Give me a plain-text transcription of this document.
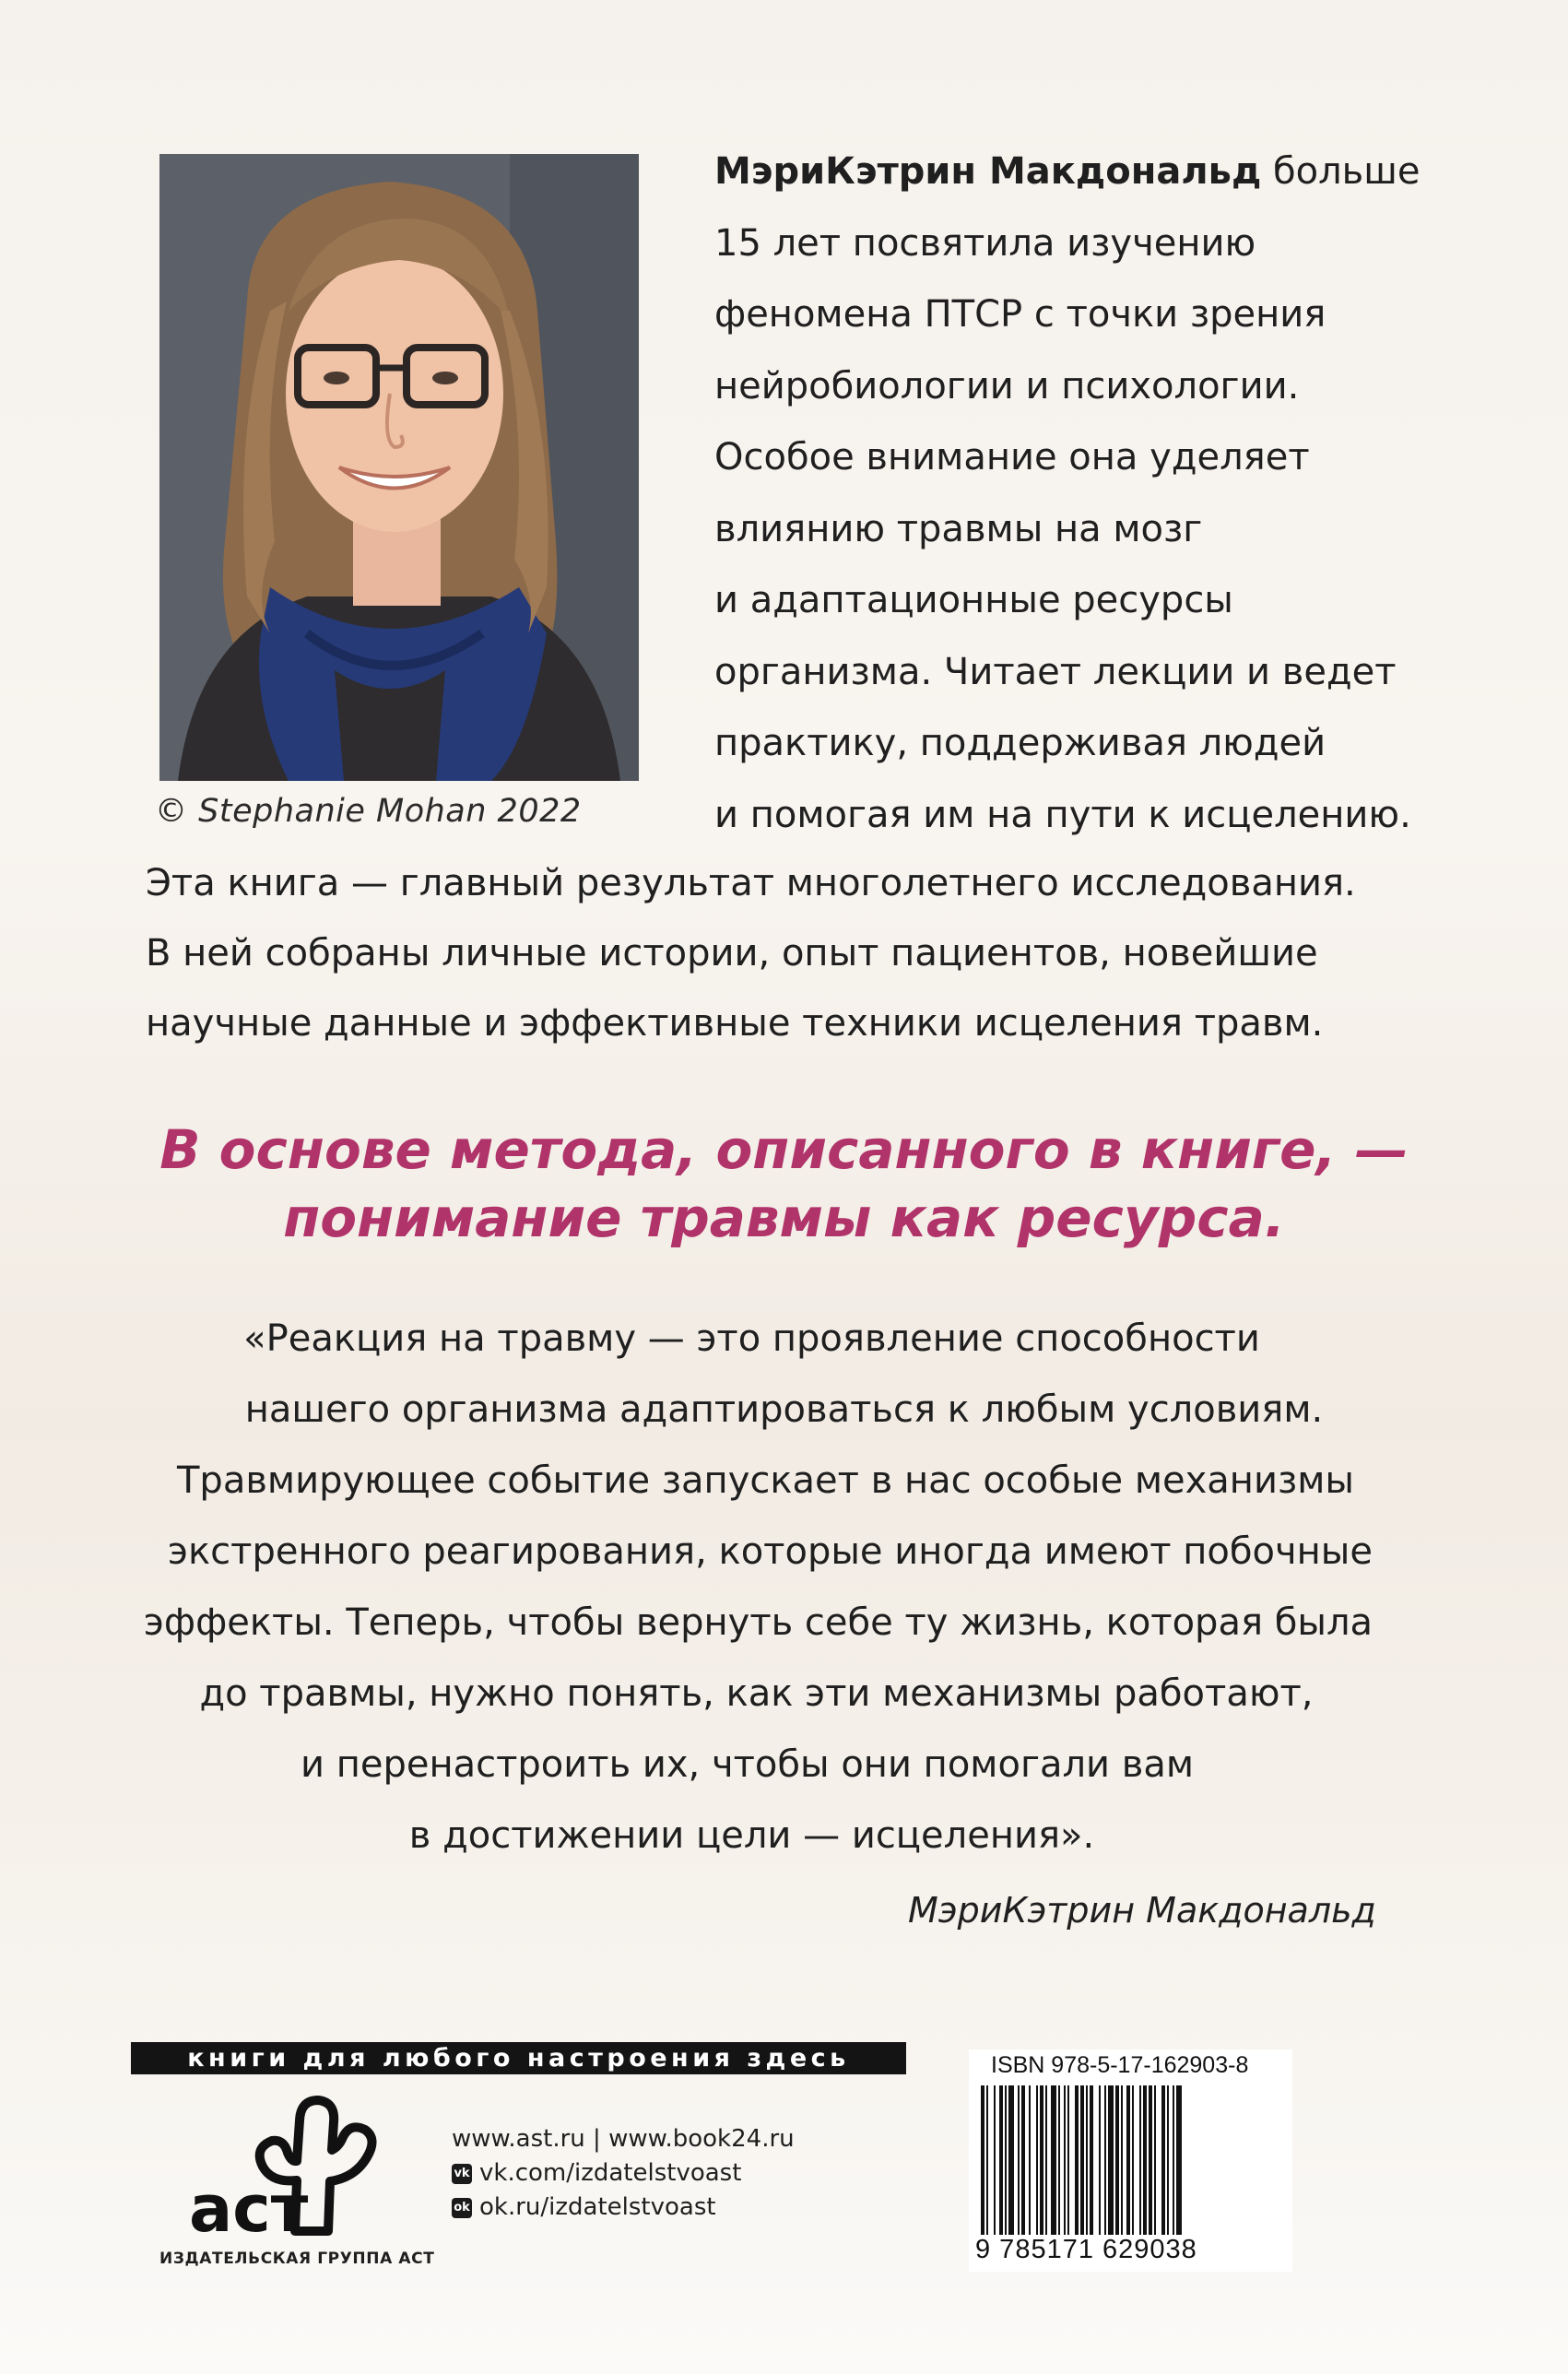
© Stephanie Mohan 2022
МэриКэтрин Макдональд больше
15 лет посвятила изучению
феномена ПТСР с точки зрения
нейробиологии и психологии.
Особое внимание она уделяет
влиянию травмы на мозг
и адаптационные ресурсы
организма. Читает лекции и ведет
практику, поддерживая людей
и помогая им на пути к исцелению.
Эта книга — главный результат многолетнего исследования.
В ней собраны личные истории, опыт пациентов, новейшие
научные данные и эффективные техники исцеления травм.
В основе метода, описанного в книге, —
понимание травмы как ресурса.
«Реакция на травму — это проявление способности
нашего организма адаптироваться к любым условиям.
Травмирующее событие запускает в нас особые механизмы
экстренного реагирования, которые иногда имеют побочные
эффекты. Теперь, чтобы вернуть себе ту жизнь, которая была
до травмы, нужно понять, как эти механизмы работают,
и перенастроить их, чтобы они помогали вам
в достижении цели — исцеления».
МэриКэтрин Макдональд
книги для любого настроения здесь
аст
ИЗДАТЕЛЬСКАЯ ГРУППА АСТ
www.ast.ru | www.book24.ru
vk vk.com/izdatelstvoast
ok ok.ru/izdatelstvoast
ISBN 978-5-17-162903-8
9 785171 629038
